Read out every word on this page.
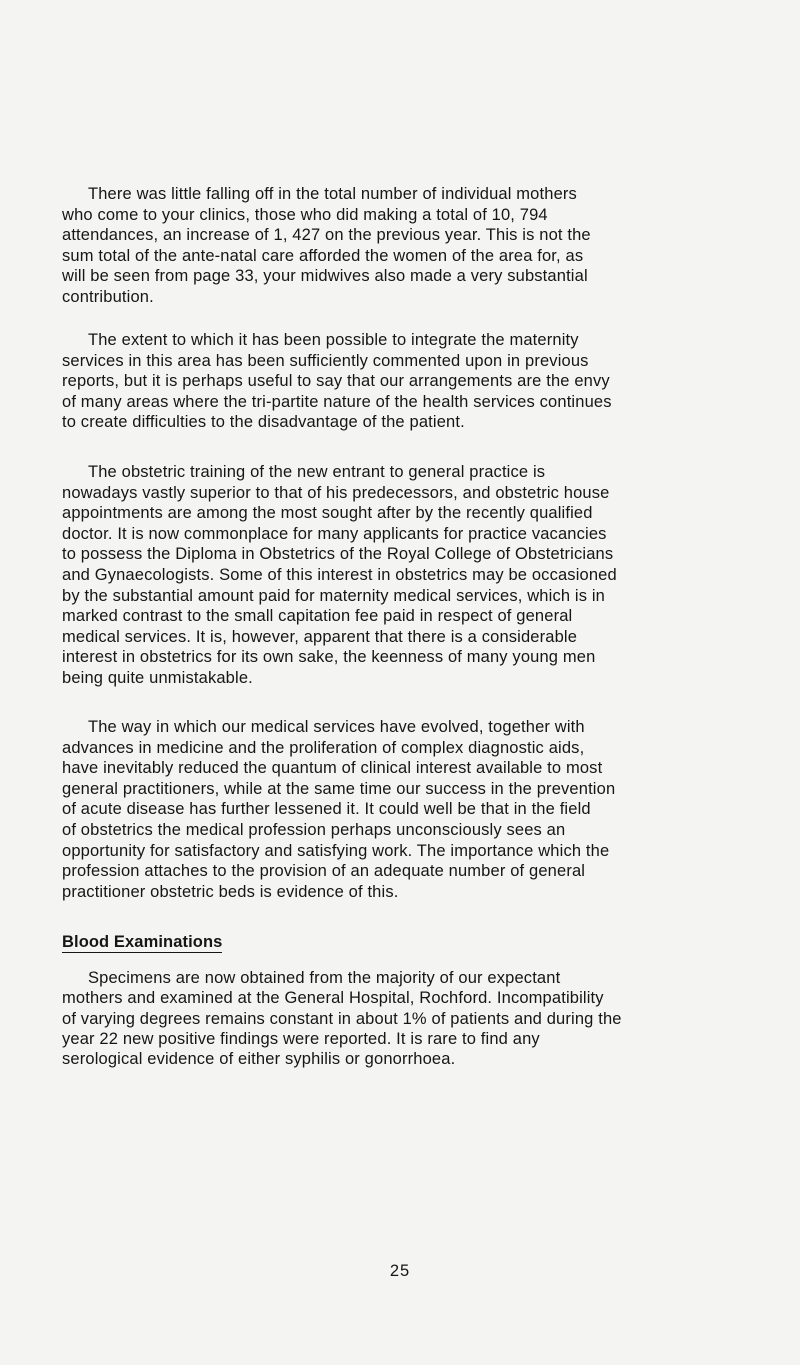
There was little falling off in the total number of individual mothers
who come to your clinics, those who did making a total of 10, 794
attendances, an increase of 1, 427 on the previous year. This is not the
sum total of the ante-natal care afforded the women of the area for, as
will be seen from page 33, your midwives also made a very substantial
contribution.

The extent to which it has been possible to integrate the maternity
services in this area has been sufficiently commented upon in previous
reports, but it is perhaps useful to say that our arrangements are the envy
of many areas where the tri-partite nature of the health services continues
to create difficulties to the disadvantage of the patient.

The obstetric training of the new entrant to general practice is
nowadays vastly superior to that of his predecessors, and obstetric house
appointments are among the most sought after by the recently qualified
doctor. It is now commonplace for many applicants for practice vacancies
to possess the Diploma in Obstetrics of the Royal College of Obstetricians
and Gynaecologists. Some of this interest in obstetrics may be occasioned
by the substantial amount paid for maternity medical services, which is in
marked contrast to the small capitation fee paid in respect of general
medical services. It is, however, apparent that there is a considerable
interest in obstetrics for its own sake, the keenness of many young men
being quite unmistakable.

The way in which our medical services have evolved, together with
advances in medicine and the proliferation of complex diagnostic aids,
have inevitably reduced the quantum of clinical interest available to most
general practitioners, while at the same time our success in the prevention
of acute disease has further lessened it. It could well be that in the field
of obstetrics the medical profession perhaps unconsciously sees an
opportunity for satisfactory and satisfying work. The importance which the
profession attaches to the provision of an adequate number of general
practitioner obstetric beds is evidence of this.

Blood Examinations

Specimens are now obtained from the majority of our expectant
mothers and examined at the General Hospital, Rochford. Incompatibility
of varying degrees remains constant in about 1% of patients and during the
year 22 new positive findings were reported. It is rare to find any
serological evidence of either syphilis or gonorrhoea.

25
